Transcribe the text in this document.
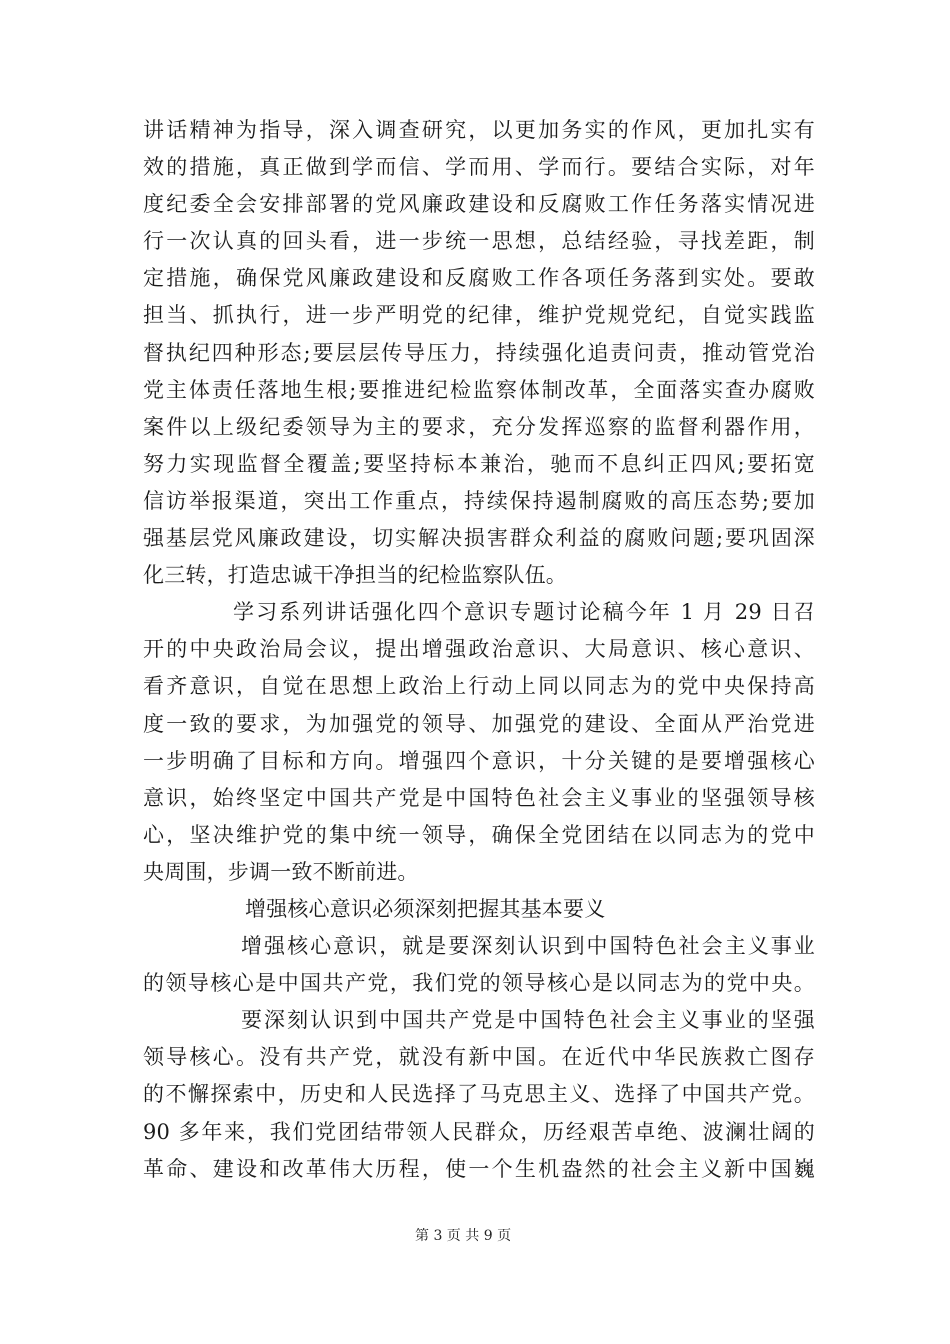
讲话精神为指导，深入调查研究，以更加务实的作风，更加扎实有
效的措施，真正做到学而信、学而用、学而行。要结合实际，对年
度纪委全会安排部署的党风廉政建设和反腐败工作任务落实情况进
行一次认真的回头看，进一步统一思想，总结经验，寻找差距，制
定措施，确保党风廉政建设和反腐败工作各项任务落到实处。要敢
担当、抓执行，进一步严明党的纪律，维护党规党纪，自觉实践监
督执纪四种形态;要层层传导压力，持续强化追责问责，推动管党治
党主体责任落地生根;要推进纪检监察体制改革，全面落实查办腐败
案件以上级纪委领导为主的要求，充分发挥巡察的监督利器作用，
努力实现监督全覆盖;要坚持标本兼治，驰而不息纠正四风;要拓宽
信访举报渠道，突出工作重点，持续保持遏制腐败的高压态势;要加
强基层党风廉政建设，切实解决损害群众利益的腐败问题;要巩固深
化三转，打造忠诚干净担当的纪检监察队伍。
学习系列讲话强化四个意识专题讨论稿今年 1 月 29 日召
开的中央政治局会议，提出增强政治意识、大局意识、核心意识、
看齐意识，自觉在思想上政治上行动上同以同志为的党中央保持高
度一致的要求，为加强党的领导、加强党的建设、全面从严治党进
一步明确了目标和方向。增强四个意识，十分关键的是要增强核心
意识，始终坚定中国共产党是中国特色社会主义事业的坚强领导核
心，坚决维护党的集中统一领导，确保全党团结在以同志为的党中
央周围，步调一致不断前进。
增强核心意识必须深刻把握其基本要义
增强核心意识，就是要深刻认识到中国特色社会主义事业
的领导核心是中国共产党，我们党的领导核心是以同志为的党中央。
要深刻认识到中国共产党是中国特色社会主义事业的坚强
领导核心。没有共产党，就没有新中国。在近代中华民族救亡图存
的不懈探索中，历史和人民选择了马克思主义、选择了中国共产党。
90 多年来，我们党团结带领人民群众，历经艰苦卓绝、波澜壮阔的
革命、建设和改革伟大历程，使一个生机盎然的社会主义新中国巍
第 3 页 共 9 页
